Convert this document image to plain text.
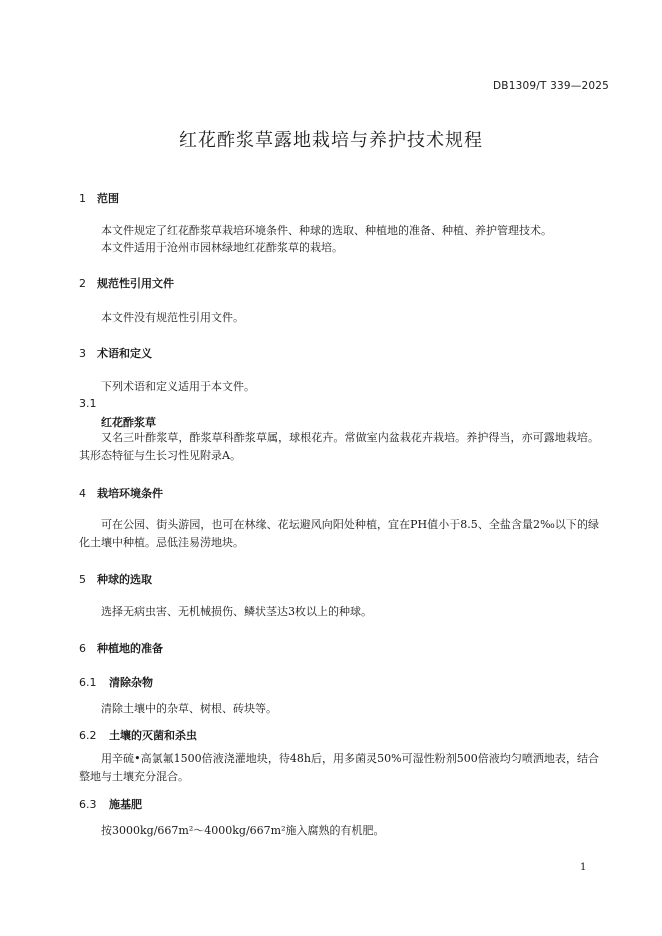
DB1309/T 339—2025
红花酢浆草露地栽培与养护技术规程
1 范围
本文件规定了红花酢浆草栽培环境条件、种球的选取、种植地的准备、种植、养护管理技术。
本文件适用于沧州市园林绿地红花酢浆草的栽培。
2 规范性引用文件
本文件没有规范性引用文件。
3 术语和定义
下列术语和定义适用于本文件。
3.1
红花酢浆草
又名三叶酢浆草，酢浆草科酢浆草属，球根花卉。常做室内盆栽花卉栽培。养护得当，亦可露地栽培。其形态特征与生长习性见附录A。
4 栽培环境条件
可在公园、街头游园，也可在林缘、花坛避风向阳处种植，宜在PH值小于8.5、全盐含量2‰以下的绿化土壤中种植。忌低洼易涝地块。
5 种球的选取
选择无病虫害、无机械损伤、鳞状茎达3枚以上的种球。
6 种植地的准备
6.1 清除杂物
清除土壤中的杂草、树根、砖块等。
6.2 土壤的灭菌和杀虫
用辛硫•高氯氟1500倍液浇灌地块，待48h后，用多菌灵50%可湿性粉剂500倍液均匀喷洒地表，结合整地与土壤充分混合。
6.3 施基肥
按3000kg/667m²～4000kg/667m²施入腐熟的有机肥。
1
